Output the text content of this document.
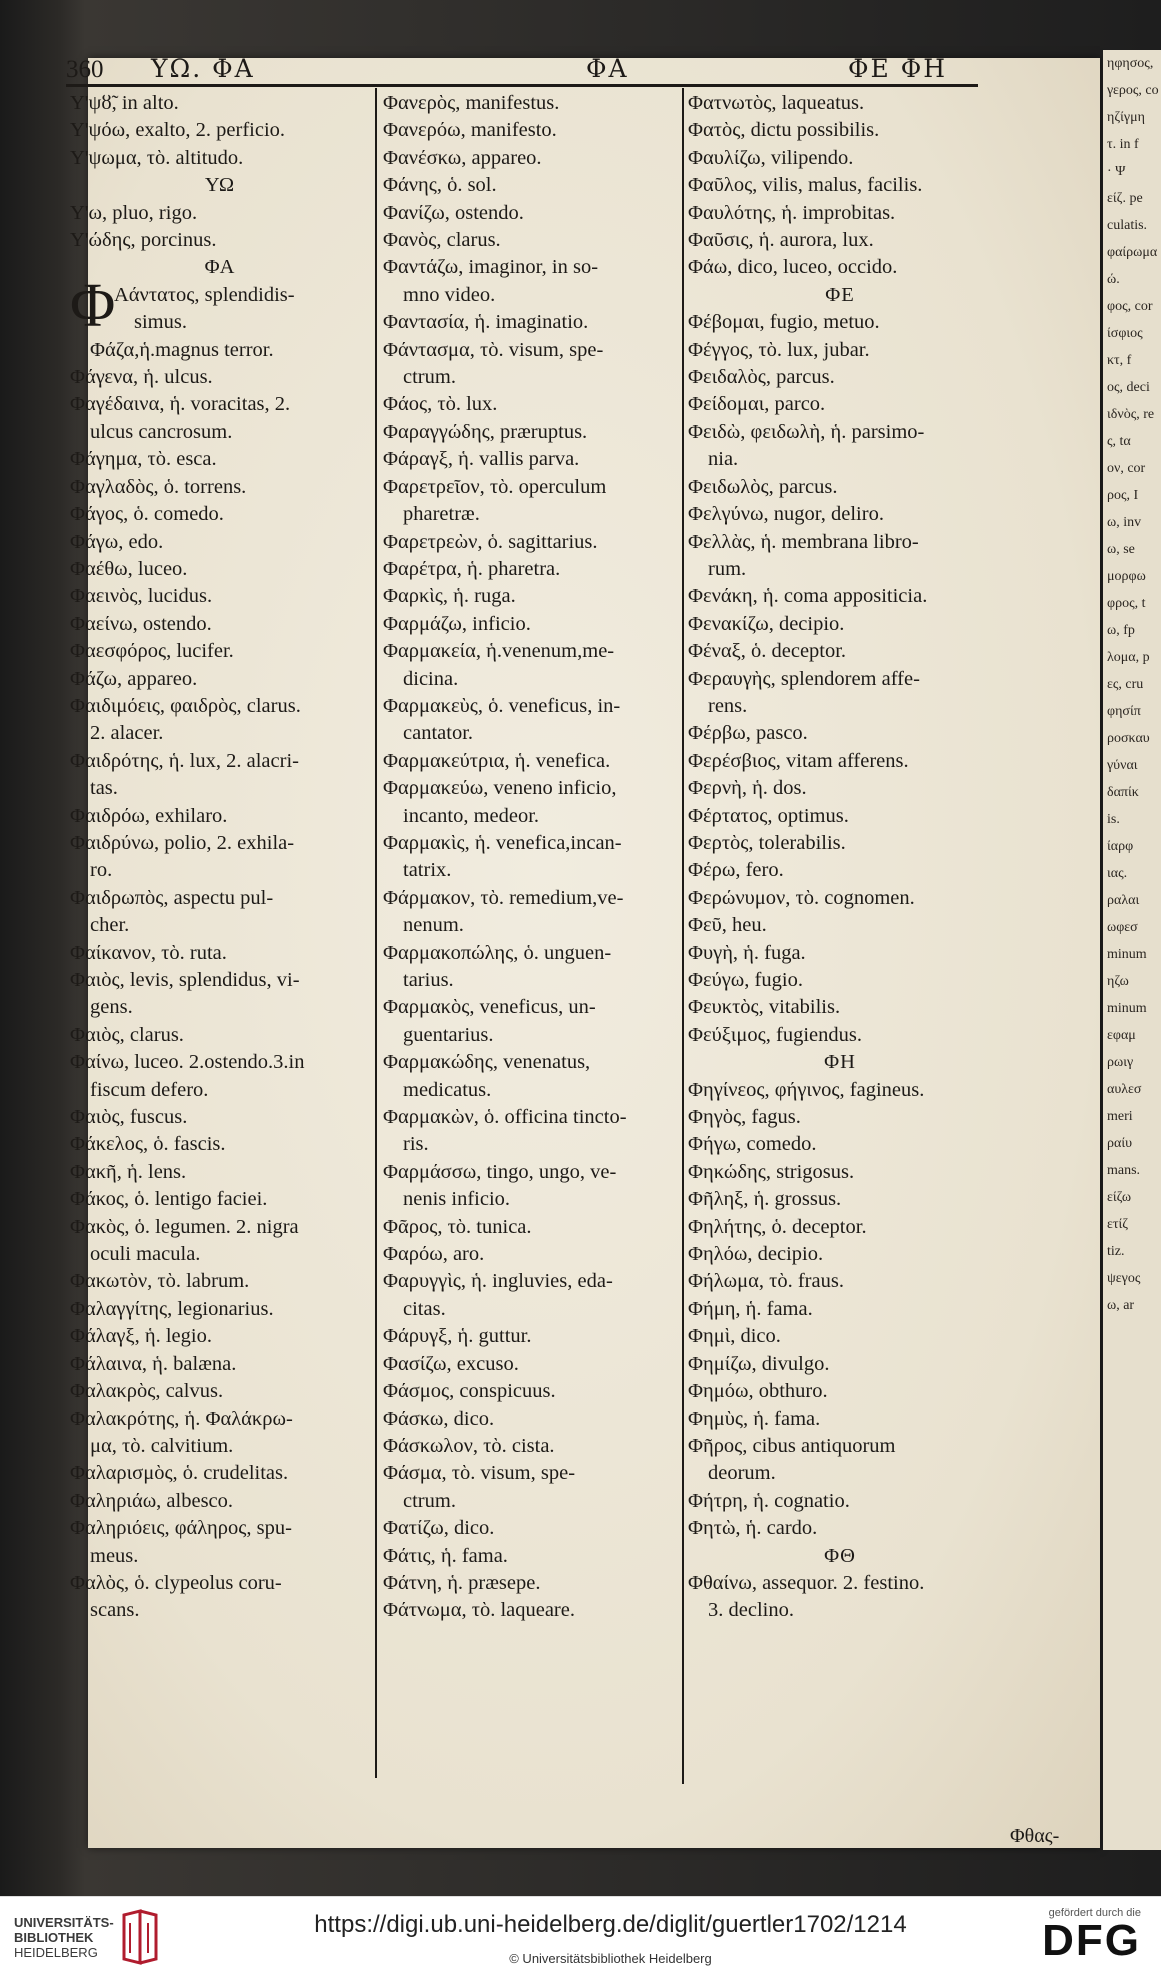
ηφησος,
γερος, co
ηζίγμη
τ. in f
· Ψ
είζ. pe
culatis.
φαίρωμα
ώ.
φος, cor
ίσφιος
κτ, f
ος, deci
ιδνὸς, re
ς, tα
ον, cor
ρος, I
ω, inv
ω, se
μορφω
φρος, t
ω, fp
λομα, p
ες, cru
φησίπ
ροσκαυ
γύναι
δαπίκ
is.
ίαρφ
ιας.
ραλαι
ωφεσ
minum
ηζω
minum
εφαμ
ρωιγ
αυλεσ
meri
ραίυ
mans.
είζω
ετίζ
tiz.
ψεγος
ω, ar
360 ΥΩ. ΦΑ	ΦΑ	ΦΕ ΦΗ
Υ'ψȣ̃, in alto.
Υ'ψόω, exalto, 2. perficio.
Υ'ψωμα, τὸ. altitudo.
ΥΩ
Υ'ω, pluo, rigo.
Υ'ώδης, porcinus.
ΦΑ
Φ
Αάντατος, splendidis-
simus.
Φάζα,ἡ.magnus terror.
Φάγενα, ἡ. ulcus.
Φαγέδαινα, ἡ. voracitas, 2.
ulcus cancrosum.
Φάγημα, τὸ. esca.
Φαγλαδὸς, ὁ. torrens.
Φάγος, ὁ. comedo.
Φάγω, edo.
Φαέθω, luceo.
Φαεινὸς, lucidus.
Φαείνω, ostendo.
Φαεσφόρος, lucifer.
Φάζω, appareo.
Φαιδιμόεις, φαιδρὸς, clarus.
2. alacer.
Φαιδρότης, ἡ. lux, 2. alacri-
tas.
Φαιδρόω, exhilaro.
Φαιδρύνω, polio, 2. exhila-
ro.
Φαιδρωπὸς, aspectu pul-
cher.
Φαίκανον, τὸ. ruta.
Φαιὸς, levis, splendidus, vi-
gens.
Φαιὸς, clarus.
Φαίνω, luceo. 2.ostendo.3.in
fiscum defero.
Φαιὸς, fuscus.
Φάκελος, ὁ. fascis.
Φακῆ, ἡ. lens.
Φάκος, ὁ. lentigo faciei.
Φακὸς, ὁ. legumen. 2. nigra
oculi macula.
Φακωτὸν, τὸ. labrum.
Φαλαγγίτης, legionarius.
Φάλαγξ, ἡ. legio.
Φάλαινα, ἡ. balæna.
Φαλακρὸς, calvus.
Φαλακρότης, ἡ. Φαλάκρω-
μα, τὸ. calvitium.
Φαλαρισμὸς, ὁ. crudelitas.
Φαληριάω, albesco.
Φαληριόεις, φάληρος, spu-
meus.
Φαλὸς, ὁ. clypeolus coru-
scans.
Φανερὸς, manifestus.
Φανερόω, manifesto.
Φανέσκω, appareo.
Φάνης, ὁ. sol.
Φανίζω, ostendo.
Φανὸς, clarus.
Φαντάζω, imaginor, in so-
mno video.
Φαντασία, ἡ. imaginatio.
Φάντασμα, τὸ. visum, spe-
ctrum.
Φάος, τὸ. lux.
Φαραγγώδης, præruptus.
Φάραγξ, ἡ. vallis parva.
Φαρετρεῖον, τὸ. operculum
pharetræ.
Φαρετρεὼν, ὁ. sagittarius.
Φαρέτρα, ἡ. pharetra.
Φαρκὶς, ἡ. ruga.
Φαρμάζω, inficio.
Φαρμακεία, ἡ.venenum,me-
dicina.
Φαρμακεὺς, ὁ. veneficus, in-
cantator.
Φαρμακεύτρια, ἡ. venefica.
Φαρμακεύω, veneno inficio,
incanto, medeor.
Φαρμακὶς, ἡ. venefica,incan-
tatrix.
Φάρμακον, τὸ. remedium,ve-
nenum.
Φαρμακοπώλης, ὁ. unguen-
tarius.
Φαρμακὸς, veneficus, un-
guentarius.
Φαρμακώδης, venenatus,
medicatus.
Φαρμακὼν, ὁ. officina tincto-
ris.
Φαρμάσσω, tingo, ungo, ve-
nenis inficio.
Φᾶρος, τὸ. tunica.
Φαρόω, aro.
Φαρυγγὶς, ἡ. ingluvies, eda-
citas.
Φάρυγξ, ἡ. guttur.
Φασίζω, excuso.
Φάσμος, conspicuus.
Φάσκω, dico.
Φάσκωλον, τὸ. cista.
Φάσμα, τὸ. visum, spe-
ctrum.
Φατίζω, dico.
Φάτις, ἡ. fama.
Φάτνη, ἡ. præsepe.
Φάτνωμα, τὸ. laqueare.
Φατνωτὸς, laqueatus.
Φατὸς, dictu possibilis.
Φαυλίζω, vilipendo.
Φαῦλος, vilis, malus, facilis.
Φαυλότης, ἡ. improbitas.
Φαῦσις, ἡ. aurora, lux.
Φάω, dico, luceo, occido.
ΦΕ
Φέβομαι, fugio, metuo.
Φέγγος, τὸ. lux, jubar.
Φειδαλὸς, parcus.
Φείδομαι, parco.
Φειδὼ, φειδωλὴ, ἡ. parsimo-
nia.
Φειδωλὸς, parcus.
Φελγύνω, nugor, deliro.
Φελλὰς, ἡ. membrana libro-
rum.
Φενάκη, ἡ. coma appositicia.
Φενακίζω, decipio.
Φέναξ, ὁ. deceptor.
Φεραυγὴς, splendorem affe-
rens.
Φέρβω, pasco.
Φερέσβιος, vitam afferens.
Φερνὴ, ἡ. dos.
Φέρτατος, optimus.
Φερτὸς, tolerabilis.
Φέρω, fero.
Φερώνυμον, τὸ. cognomen.
Φεῦ, heu.
Φυγὴ, ἡ. fuga.
Φεύγω, fugio.
Φευκτὸς, vitabilis.
Φεύξιμος, fugiendus.
ΦΗ
Φηγίνεος, φήγινος, fagineus.
Φηγὸς, fagus.
Φήγω, comedo.
Φηκώδης, strigosus.
Φῆληξ, ἡ. grossus.
Φηλήτης, ὁ. deceptor.
Φηλόω, decipio.
Φήλωμα, τὸ. fraus.
Φήμη, ἡ. fama.
Φημὶ, dico.
Φημίζω, divulgo.
Φημόω, obthuro.
Φημὺς, ἡ. fama.
Φῆρος, cibus antiquorum
deorum.
Φήτρη, ἡ. cognatio.
Φητὼ, ἡ. cardo.
ΦΘ
Φθαίνω, assequor. 2. festino.
3. declino.
Φθας-
UNIVERSITÄTS-
BIBLIOTHEK
HEIDELBERG
https://digi.ub.uni-heidelberg.de/diglit/guertler1702/1214
© Universitätsbibliothek Heidelberg
gefördert durch die
DFG
